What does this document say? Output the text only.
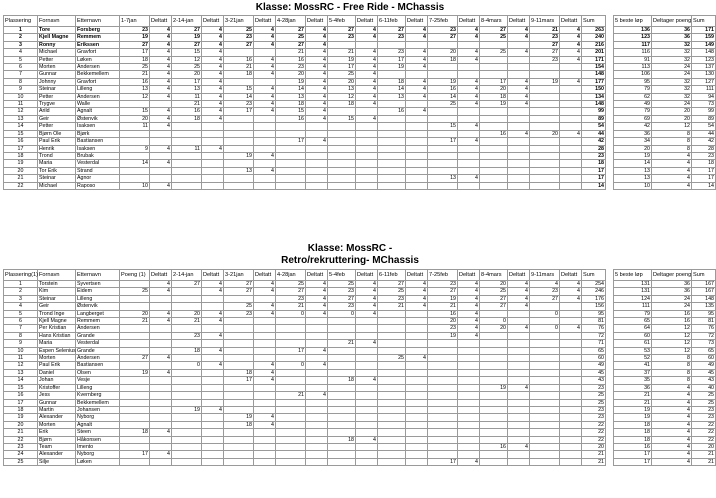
Klasse: MossRC - Free Ride - MChassis
Plassering	Fornavn	Etternavn	1-7jan	Deltatt	2-14-jan	Deltatt	3-21jan	Deltatt	4-28jan	Deltatt	5-4feb	Deltatt	6-11feb	Deltatt	7-25feb	Deltatt	8-4mars	Deltatt	9-11mars	Deltatt	Sum		5 beste løp	Deltager poeng	Sum
1	Tore	Forsberg	23	4	27	4	25	4	27	4	27	4	27	4	23	4	27	4	21	4	263		136	36	171
2	Kjell Magne	Remmem	19	4	19	4	23	4	25	4	23	4	23	4	27	4	25	4	23	4	240		123	36	159
3	Ronny	Erikssen	27	4	27	4	27	4	27	4									27	4	216		117	32	149
4	Michael	Gravfort	17	4	15	4			21	4	21	4	23	4	20	4	25	4	27	4	201		116	32	148
5	Petter	Løken	18	4	12	4	16	4	16	4	19	4	17	4	18	4			23	4	171		91	32	123
6	Morten	Andersen	25	4	25	4	21	4	23	4	17	4	19	4							154		113	24	137
7	Gunnar	Bekkemellem	21	4	20	4	18	4	20	4	25	4									148		106	24	130
8	Johnny	Gravfort	16	4	17	4			19	4	20	4	18	4	19	4	17	4	19	4	177		95	32	127
9	Steinar	Lilleng	13	4	13	4	15	4	14	4	13	4	14	4	16	4	20	4			150		79	32	111
10	Petter	Andersen	12	4	11	4	14	4	13	4	12	4	13	4	14	4	18	4			134		62	32	94
11	Trygve	Walle			21	4	23	4	18	4	18	4			25	4	19	4			148		49	24	73
12	Arild	Agnalt	15	4	16	4	17	4	15	4			16	4							99		79	20	99
13	Geir	Østenvik	20	4	18	4			16	4	15	4									89		69	20	89
14	Petter	Isaksen	11	4											15	4					54		42	12	54
15	Bjørn Ole	Bjørk															16	4	20	4	44		36	8	44
16	Paul Erik	Bastiansen							17	4					17	4					42		34	8	42
17	Henrik	Isaksen	9	4	11	4															28		20	8	28
18	Trond	Brubak					19	4													23		19	4	23
19	Maria	Vesterdal	14	4																	18		14	4	18
20	Tor Erik	Strand					13	4													17		13	4	17
21	Steinar	Agnor													13	4					17		13	4	17
22	Michael	Raposo	10	4																	14		10	4	14
Klasse: MossRC -
Retro/rekruttering- MChassis
Plassering(1)	Fornavn	Etternavn	Poeng (1)	Deltatt	2-14-jan	Deltatt	3-21jan	Deltatt	4-28jan	Deltatt	5-4feb	Deltatt	6-11feb	Deltatt	7-25feb	Deltatt	8-4mars	Deltatt	9-11mars	Deltatt	Sum		5 beste løp	Deltager poeng	Sum
1	Torstein	Syvertsen		4	27	4	27	4	25	4	25	4	27	4	23	4	20	4	4	4	254		131	36	167
2	Kim	Eidem	25	4		4	27	4	27	4	23	4	25	4	27	4	25	4	23	4	246		131	36	167
3	Steinar	Lilleng							23	4	27	4	23	4	19	4	27	4	27	4	176		124	24	148
4	Geir	Østenvik					25	4	21	4	23	4	21	4	21	4	27	4			156		111	24	135
5	Trond Inge	Langberget	20	4	20	4	23	4	0	4	0	4			16	4			0		95		79	16	95
6	Kjell Magne	Remmem	21	4	21	4									20	4	0				81		65	16	81
7	Per Kristian	Andersen													23	4	20	4	0	4	76		64	12	76
8	Hans Kristian	Grande			23	4									19	4					72		60	12	72
9	Maria	Vesterdal									21	4									71		61	12	73
10	Espen Selenius	Grande			18	4			17	4											65		53	12	65
11	Morten	Andersen	27	4									25	4							60		52	8	60
12	Paul Erik	Bastiansen			0	4		4	0	4											49		41	8	49
13	Daniel	Olsen	19	4			18	4													45		37	8	45
14	Johan	Vesje					17	4			18	4									43		35	8	43
15	Kristoffer	Lilleng															19	4			23		36	4	40
16	Jess	Kvernberg							21	4											25		21	4	25
17	Gunnar	Bekkemellem																			25		21	4	25
18	Martin	Johansen			19	4															23		19	4	23
19	Alexander	Nyborg					19	4													23		19	4	23
20	Morten	Agnalt					18	4													22		18	4	22
21	Erik	Steen	18	4																	22		18	4	22
22	Bjørn	Håkonsen									18	4									22		18	4	22
23	Team	Imento															16	4			20		16	4	20
24	Alexander	Nyborg	17	4																	21		17	4	21
25	Silje	Løken													17	4					21		17	4	21
